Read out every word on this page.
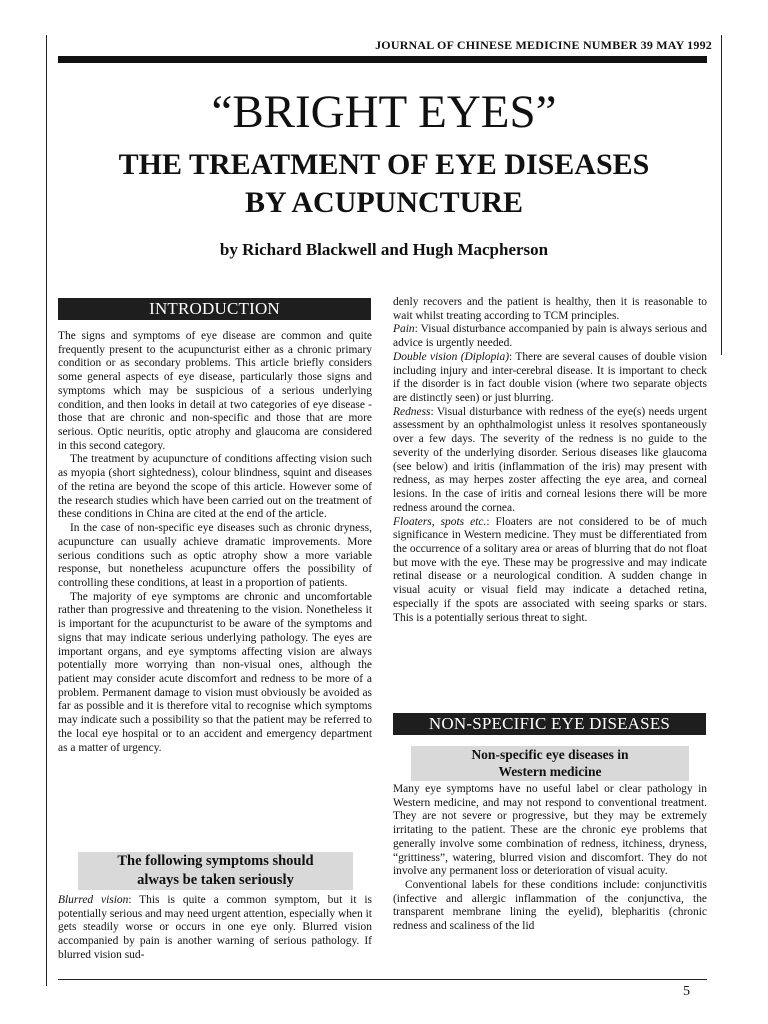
JOURNAL OF CHINESE MEDICINE NUMBER 39 MAY 1992
“BRIGHT EYES”
THE TREATMENT OF EYE DISEASES
BY ACUPUNCTURE
by Richard Blackwell and Hugh Macpherson
INTRODUCTION

The signs and symptoms of eye disease are common and quite frequently present to the acupuncturist either as a chronic primary condition or as secondary problems. This article briefly considers some general aspects of eye disease, particularly those signs and symptoms which may be suspicious of a serious underlying condition, and then looks in detail at two categories of eye disease - those that are chronic and non-specific and those that are more serious. Optic neuritis, optic atrophy and glaucoma are considered in this second category.

The treatment by acupuncture of conditions affecting vision such as myopia (short sightedness), colour blindness, squint and diseases of the retina are beyond the scope of this article. However some of the research studies which have been carried out on the treatment of these conditions in China are cited at the end of the article.

In the case of non-specific eye diseases such as chronic dryness, acupuncture can usually achieve dramatic improvements. More serious conditions such as optic atrophy show a more variable response, but nonetheless acupuncture offers the possibility of controlling these conditions, at least in a proportion of patients.

The majority of eye symptoms are chronic and uncomfortable rather than progressive and threatening to the vision. Nonetheless it is important for the acupuncturist to be aware of the symptoms and signs that may indicate serious underlying pathology. The eyes are important organs, and eye symptoms affecting vision are always potentially more worrying than non-visual ones, although the patient may consider acute discomfort and redness to be more of a problem. Permanent damage to vision must obviously be avoided as far as possible and it is therefore vital to recognise which symptoms may indicate such a possibility so that the patient may be referred to the local eye hospital or to an accident and emergency department as a matter of urgency.

The following symptoms should
always be taken seriously

Blurred vision: This is quite a common symptom, but it is potentially serious and may need urgent attention, especially when it gets steadily worse or occurs in one eye only. Blurred vision accompanied by pain is another warning of serious pathology. If blurred vision sud-

denly recovers and the patient is healthy, then it is reasonable to wait whilst treating according to TCM principles.

Pain: Visual disturbance accompanied by pain is always serious and advice is urgently needed.

Double vision (Diplopia): There are several causes of double vision including injury and inter-cerebral disease. It is important to check if the disorder is in fact double vision (where two separate objects are distinctly seen) or just blurring.

Redness: Visual disturbance with redness of the eye(s) needs urgent assessment by an ophthalmologist unless it resolves spontaneously over a few days. The severity of the redness is no guide to the severity of the underlying disorder. Serious diseases like glaucoma (see below) and iritis (inflammation of the iris) may present with redness, as may herpes zoster affecting the eye area, and corneal lesions. In the case of iritis and corneal lesions there will be more redness around the cornea.

Floaters, spots etc.: Floaters are not considered to be of much significance in Western medicine. They must be differentiated from the occurrence of a solitary area or areas of blurring that do not float but move with the eye. These may be progressive and may indicate retinal disease or a neurological condition. A sudden change in visual acuity or visual field may indicate a detached retina, especially if the spots are associated with seeing sparks or stars. This is a potentially serious threat to sight.

NON-SPECIFIC EYE DISEASES
Non-specific eye diseases in
Western medicine

Many eye symptoms have no useful label or clear pathology in Western medicine, and may not respond to conventional treatment. They are not severe or progressive, but they may be extremely irritating to the patient. These are the chronic eye problems that generally involve some combination of redness, itchiness, dryness, “grittiness”, watering, blurred vision and discomfort. They do not involve any permanent loss or deterioration of visual acuity.

Conventional labels for these conditions include: conjunctivitis (infective and allergic inflammation of the conjunctiva, the transparent membrane lining the eyelid), blepharitis (chronic redness and scaliness of the lid

5
